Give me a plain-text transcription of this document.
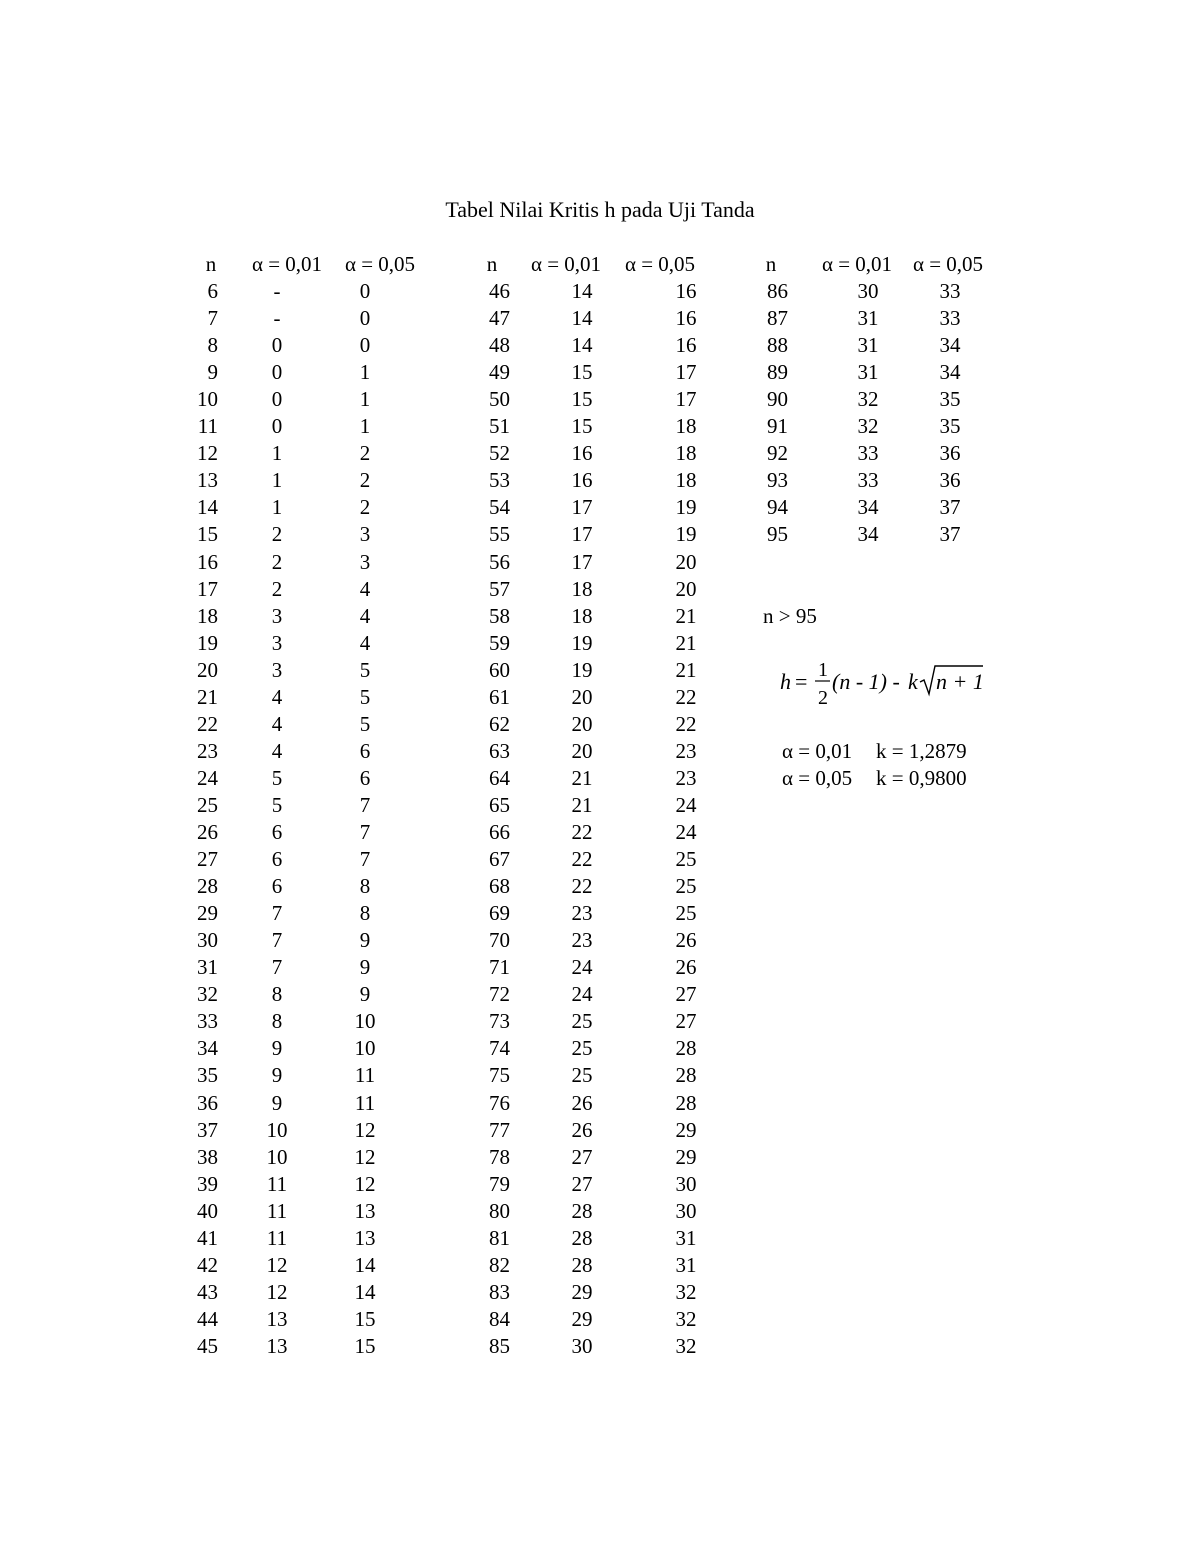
Tabel Nilai Kritis h pada Uji Tanda
n	α = 0,01	α = 0,05
6	-	0
7	-	0
8	0	0
9	0	1
10	0	1
11	0	1
12	1	2
13	1	2
14	1	2
15	2	3
16	2	3
17	2	4
18	3	4
19	3	4
20	3	5
21	4	5
22	4	5
23	4	6
24	5	6
25	5	7
26	6	7
27	6	7
28	6	8
29	7	8
30	7	9
31	7	9
32	8	9
33	8	10
34	9	10
35	9	11
36	9	11
37	10	12
38	10	12
39	11	12
40	11	13
41	11	13
42	12	14
43	12	14
44	13	15
45	13	15
n	α = 0,01	α = 0,05
46	14	16
47	14	16
48	14	16
49	15	17
50	15	17
51	15	18
52	16	18
53	16	18
54	17	19
55	17	19
56	17	20
57	18	20
58	18	21
59	19	21
60	19	21
61	20	22
62	20	22
63	20	23
64	21	23
65	21	24
66	22	24
67	22	25
68	22	25
69	23	25
70	23	26
71	24	26
72	24	27
73	25	27
74	25	28
75	25	28
76	26	28
77	26	29
78	27	29
79	27	30
80	28	30
81	28	31
82	28	31
83	29	32
84	29	32
85	30	32
n	α = 0,01 α = 0,05
86	30	33
87	31	33
88	31	34
89	31	34
90	32	35
91	32	35
92	33	36
93	33	36
94	34	37
95	34	37
n > 95
h = 1
2
(n - 1) - k n + 1
α = 0,01 k = 1,2879
α = 0,05 k = 0,9800
